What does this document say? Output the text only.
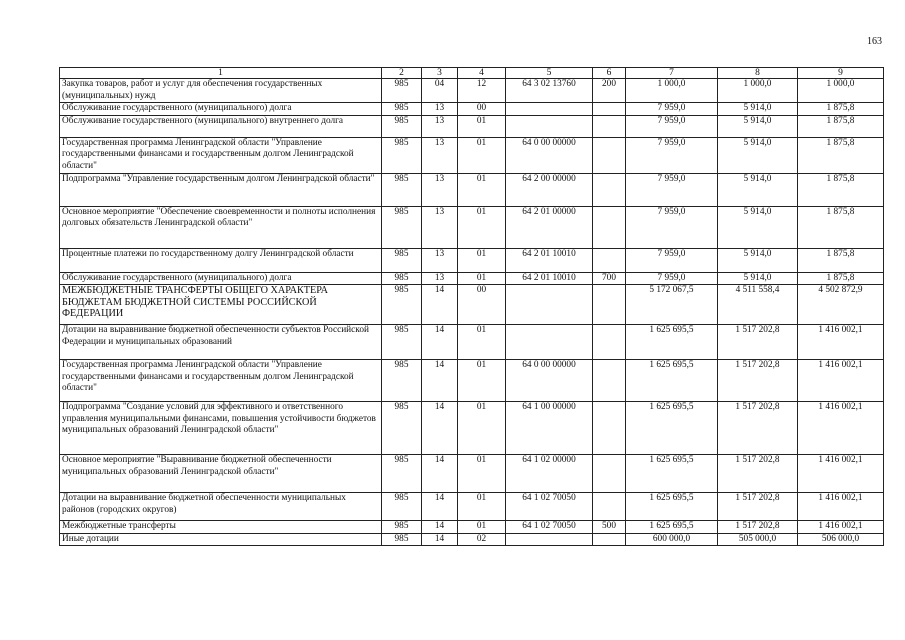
163
1	2	3	4	5	6	7	8	9
Закупка товаров, работ и услуг для обеспечения государственных (муниципальных) нужд	985	04	12	64 3 02 13760	200	1 000,0	1 000,0	1 000,0
Обслуживание государственного (муниципального) долга	985	13	00			7 959,0	5 914,0	1 875,8
Обслуживание государственного (муниципального) внутреннего долга	985	13	01			7 959,0	5 914,0	1 875,8
Государственная программа Ленинградской области "Управление государственными финансами и государственным долгом Ленинградской области"	985	13	01	64 0 00 00000		7 959,0	5 914,0	1 875,8
Подпрограмма "Управление государственным долгом Ленинградской области"	985	13	01	64 2 00 00000		7 959,0	5 914,0	1 875,8
Основное мероприятие "Обеспечение своевременности и полноты исполнения долговых обязательств Ленинградской области"	985	13	01	64 2 01 00000		7 959,0	5 914,0	1 875,8
Процентные платежи по государственному долгу Ленинградской области	985	13	01	64 2 01 10010		7 959,0	5 914,0	1 875,8
Обслуживание государственного (муниципального) долга	985	13	01	64 2 01 10010	700	7 959,0	5 914,0	1 875,8
МЕЖБЮДЖЕТНЫЕ ТРАНСФЕРТЫ ОБЩЕГО ХАРАКТЕРА БЮДЖЕТАМ БЮДЖЕТНОЙ СИСТЕМЫ РОССИЙСКОЙ ФЕДЕРАЦИИ	985	14	00			5 172 067,5	4 511 558,4	4 502 872,9
Дотации на выравнивание бюджетной обеспеченности субъектов Российской Федерации и муниципальных образований	985	14	01			1 625 695,5	1 517 202,8	1 416 002,1
Государственная программа Ленинградской области "Управление государственными финансами и государственным долгом Ленинградской области"	985	14	01	64 0 00 00000		1 625 695,5	1 517 202,8	1 416 002,1
Подпрограмма "Создание условий для эффективного и ответственного управления муниципальными финансами, повышения устойчивости бюджетов муниципальных образований Ленинградской области"	985	14	01	64 1 00 00000		1 625 695,5	1 517 202,8	1 416 002,1
Основное мероприятие "Выравнивание бюджетной обеспеченности муниципальных образований Ленинградской области"	985	14	01	64 1 02 00000		1 625 695,5	1 517 202,8	1 416 002,1
Дотации на выравнивание бюджетной обеспеченности муниципальных районов (городских округов)	985	14	01	64 1 02 70050		1 625 695,5	1 517 202,8	1 416 002,1
Межбюджетные трансферты	985	14	01	64 1 02 70050	500	1 625 695,5	1 517 202,8	1 416 002,1
Иные дотации	985	14	02			600 000,0	505 000,0	506 000,0
